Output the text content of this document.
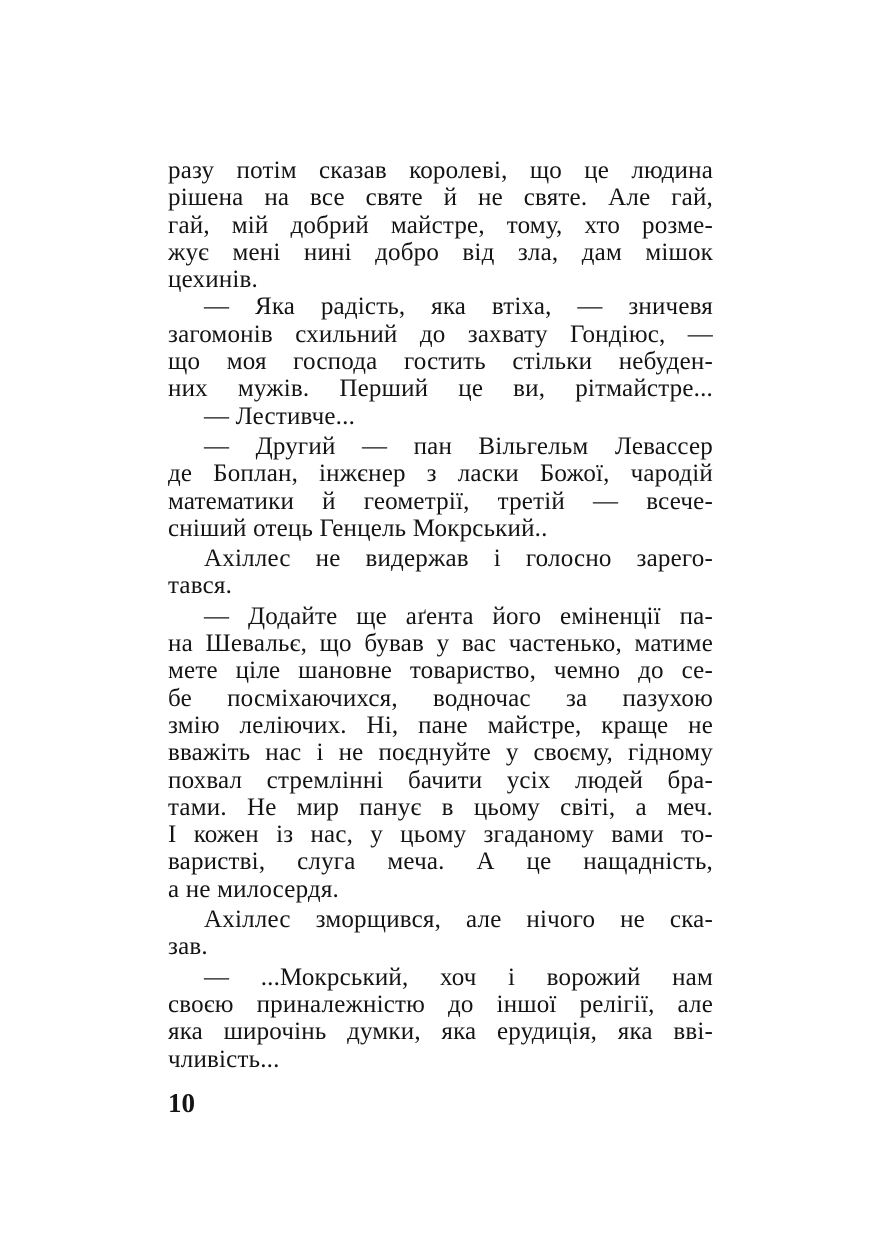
разу потім сказав королеві, що це людина
рішена на все святе й не святе. Але гай,
гай, мій добрий майстре, тому, хто розме-
жує мені нині добро від зла, дам мішок
цехинів.
— Яка радість, яка втіха, — зничевя
загомонів схильний до захвату Гондіюс, —
що моя господа гостить стільки небуден-
них мужів. Перший це ви, рітмайстре...
— Лестивче...
— Другий — пан Вільгельм Левассер
де Боплан, інжєнер з ласки Божої, чародій
математики й геометрії, третій — всече-
сніший отець Генцель Мокрський..
Ахіллес не видержав і голосно зарего-
тався.
— Додайте ще аґента його еміненції па-
на Шевальє, що бував у вас частенько, матиме
мете ціле шановне товариство, чемно до се-
бе посміхаючихся, водночас за пазухою
змію леліючих. Ні, пане майстре, краще не
вважіть нас і не поєднуйте у своєму, гідному
похвал стремлінні бачити усіх людей бра-
тами. Не мир панує в цьому світі, а меч.
І кожен із нас, у цьому згаданому вами то-
варистві, слуга меча. А це нащадність,
а не милосердя.
Ахіллес зморщився, але нічого не ска-
зав.
— ...Мокрський, хоч і ворожий нам
своєю приналежністю до іншої релігії, але
яка широчінь думки, яка ерудиція, яка вві-
чливість...
10
